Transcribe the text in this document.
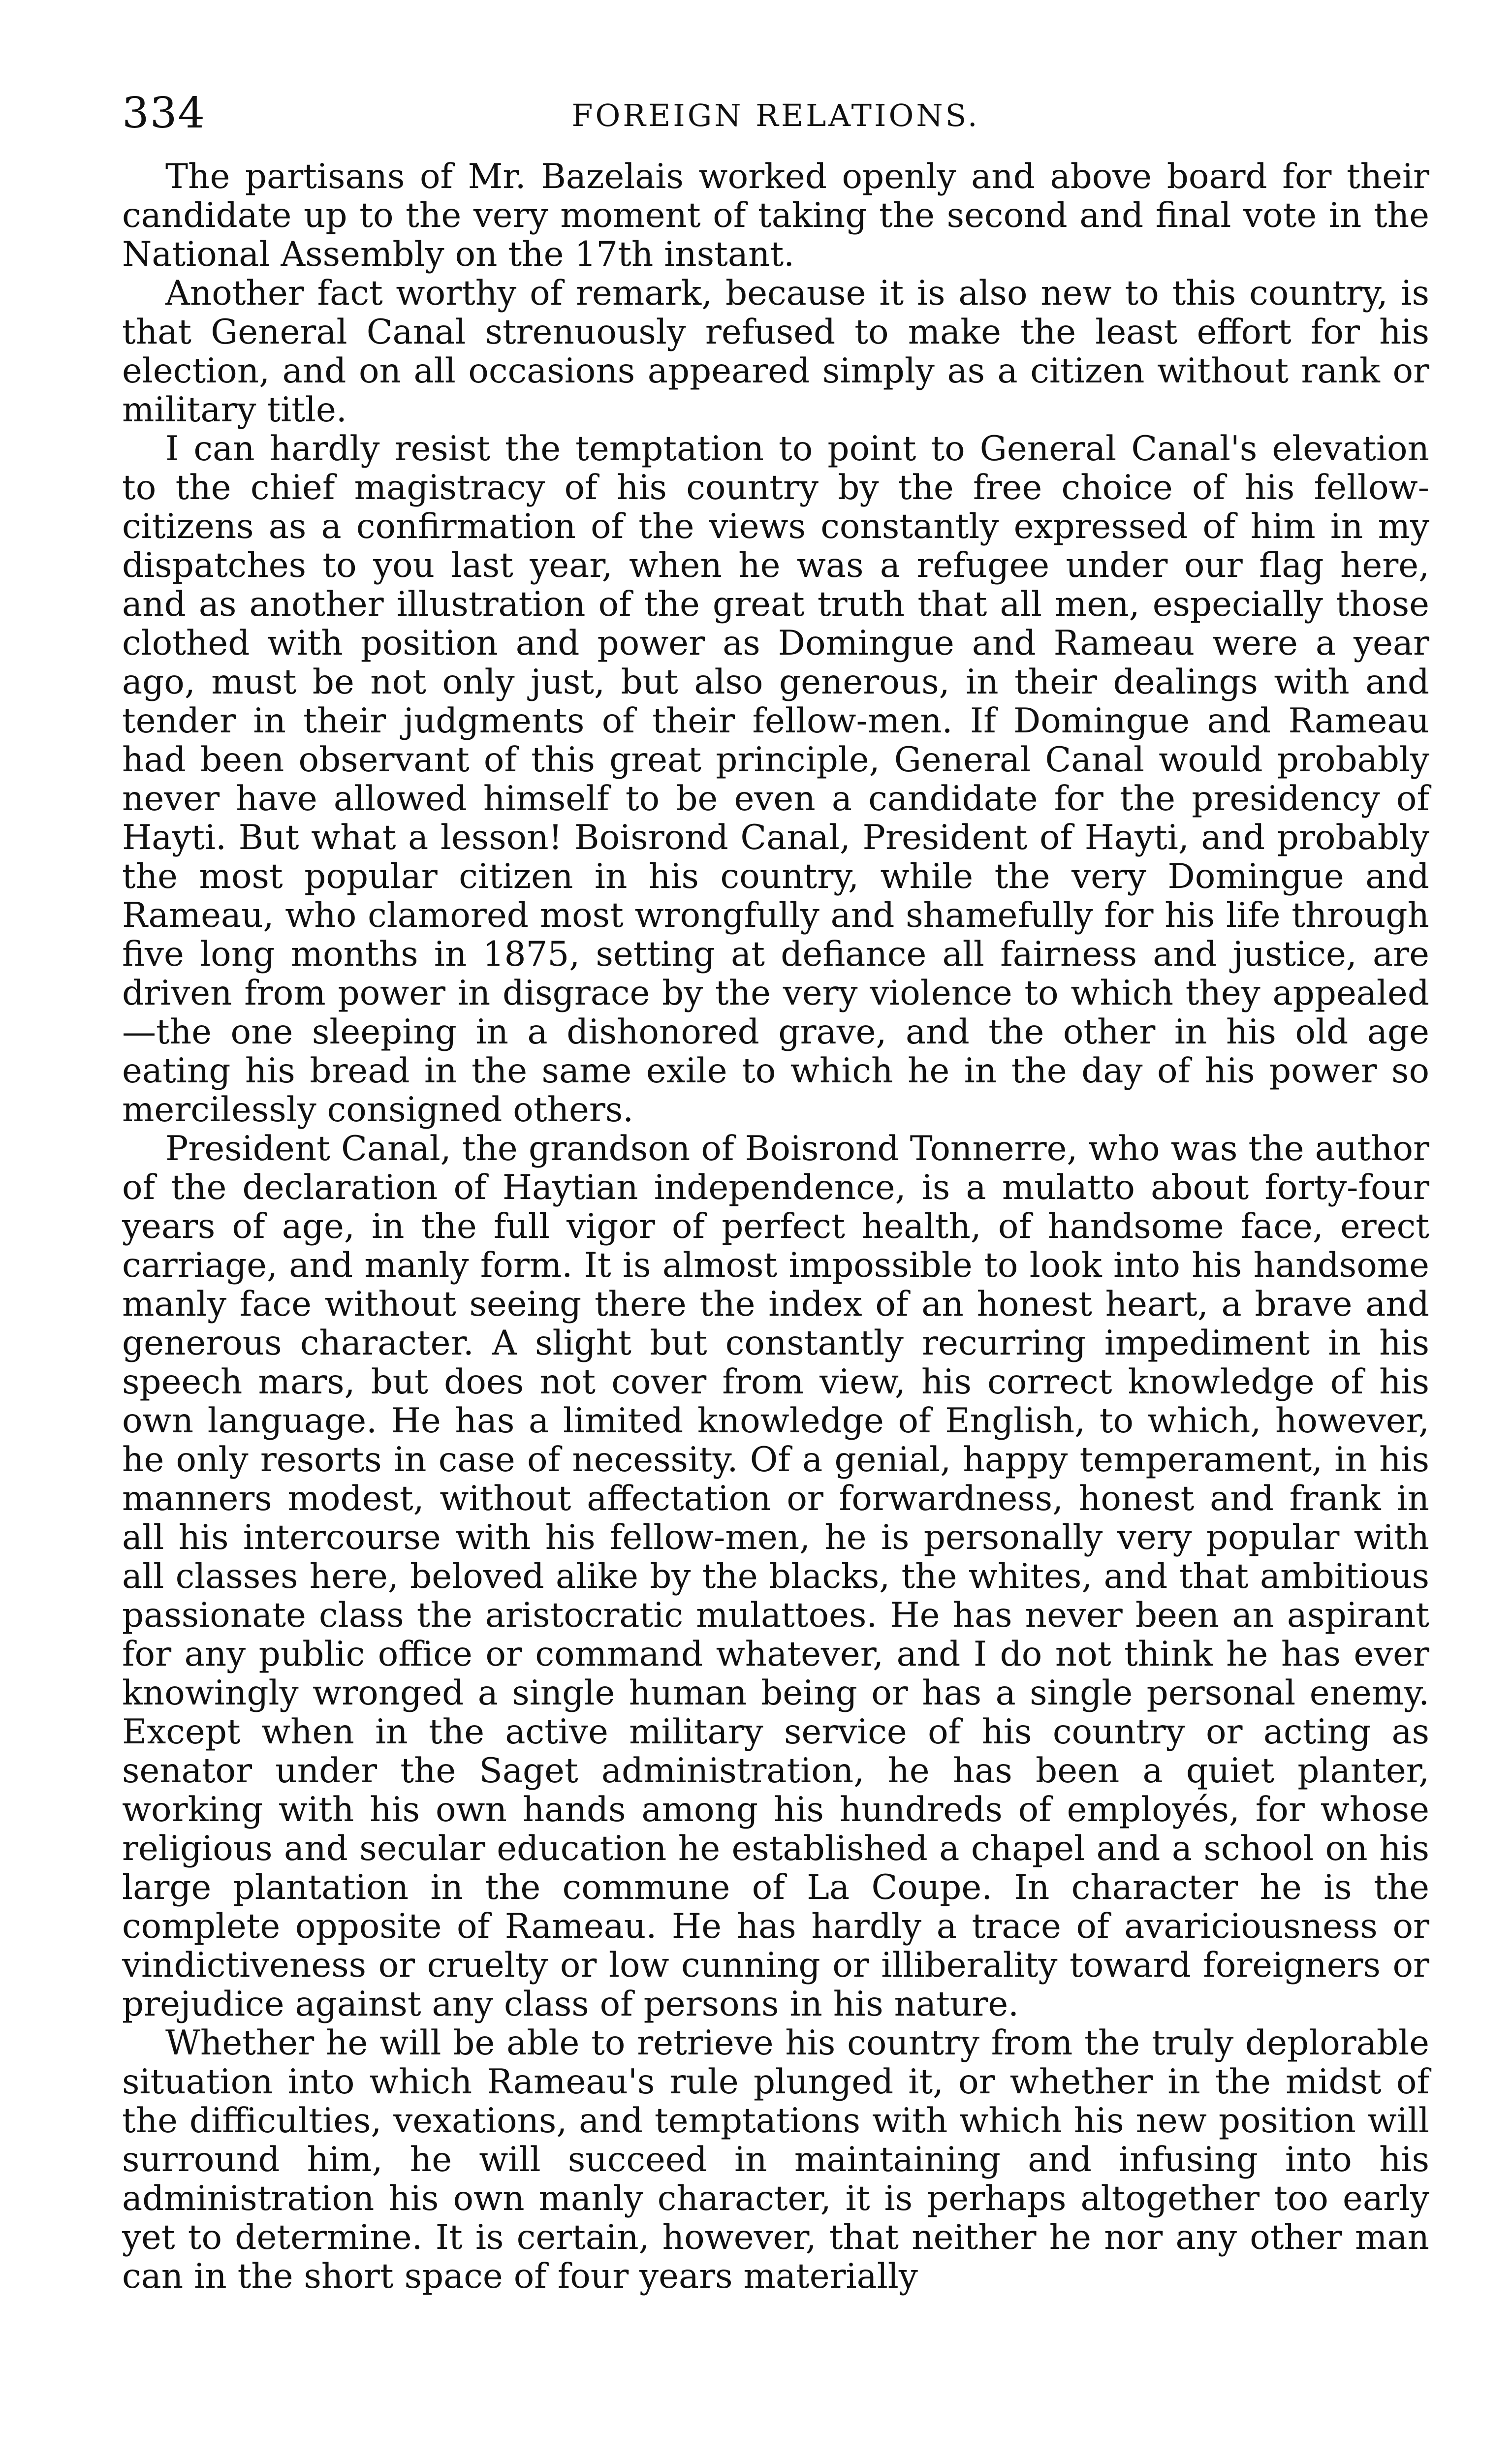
334	FOREIGN RELATIONS.

The partisans of Mr. Bazelais worked openly and above board for their candidate up to the very moment of taking the second and final vote in the National Assembly on the 17th instant.

Another fact worthy of remark, because it is also new to this country, is that General Canal strenuously refused to make the least effort for his election, and on all occasions appeared simply as a citizen without rank or military title.

I can hardly resist the temptation to point to General Canal's elevation to the chief magistracy of his country by the free choice of his fellow-citizens as a confirmation of the views constantly expressed of him in my dispatches to you last year, when he was a refugee under our flag here, and as another illustration of the great truth that all men, especially those clothed with position and power as Domingue and Rameau were a year ago, must be not only just, but also generous, in their dealings with and tender in their judgments of their fellow-men. If Domingue and Rameau had been observant of this great principle, General Canal would probably never have allowed himself to be even a candidate for the presidency of Hayti. But what a lesson! Boisrond Canal, President of Hayti, and probably the most popular citizen in his country, while the very Domingue and Rameau, who clamored most wrongfully and shamefully for his life through five long months in 1875, setting at defiance all fairness and justice, are driven from power in disgrace by the very violence to which they appealed—the one sleeping in a dishonored grave, and the other in his old age eating his bread in the same exile to which he in the day of his power so mercilessly consigned others.

President Canal, the grandson of Boisrond Tonnerre, who was the author of the declaration of Haytian independence, is a mulatto about forty-four years of age, in the full vigor of perfect health, of handsome face, erect carriage, and manly form. It is almost impossible to look into his handsome manly face without seeing there the index of an honest heart, a brave and generous character. A slight but constantly recurring impediment in his speech mars, but does not cover from view, his correct knowledge of his own language. He has a limited knowledge of English, to which, however, he only resorts in case of necessity. Of a genial, happy temperament, in his manners modest, without affectation or forwardness, honest and frank in all his intercourse with his fellow-men, he is personally very popular with all classes here, beloved alike by the blacks, the whites, and that ambitious passionate class the aristocratic mulattoes. He has never been an aspirant for any public office or command whatever, and I do not think he has ever knowingly wronged a single human being or has a single personal enemy. Except when in the active military service of his country or acting as senator under the Saget administration, he has been a quiet planter, working with his own hands among his hundreds of employés, for whose religious and secular education he established a chapel and a school on his large plantation in the commune of La Coupe. In character he is the complete opposite of Rameau. He has hardly a trace of avariciousness or vindictiveness or cruelty or low cunning or illiberality toward foreigners or prejudice against any class of persons in his nature.

Whether he will be able to retrieve his country from the truly deplorable situation into which Rameau's rule plunged it, or whether in the midst of the difficulties, vexations, and temptations with which his new position will surround him, he will succeed in maintaining and infusing into his administration his own manly character, it is perhaps altogether too early yet to determine. It is certain, however, that neither he nor any other man can in the short space of four years materially
